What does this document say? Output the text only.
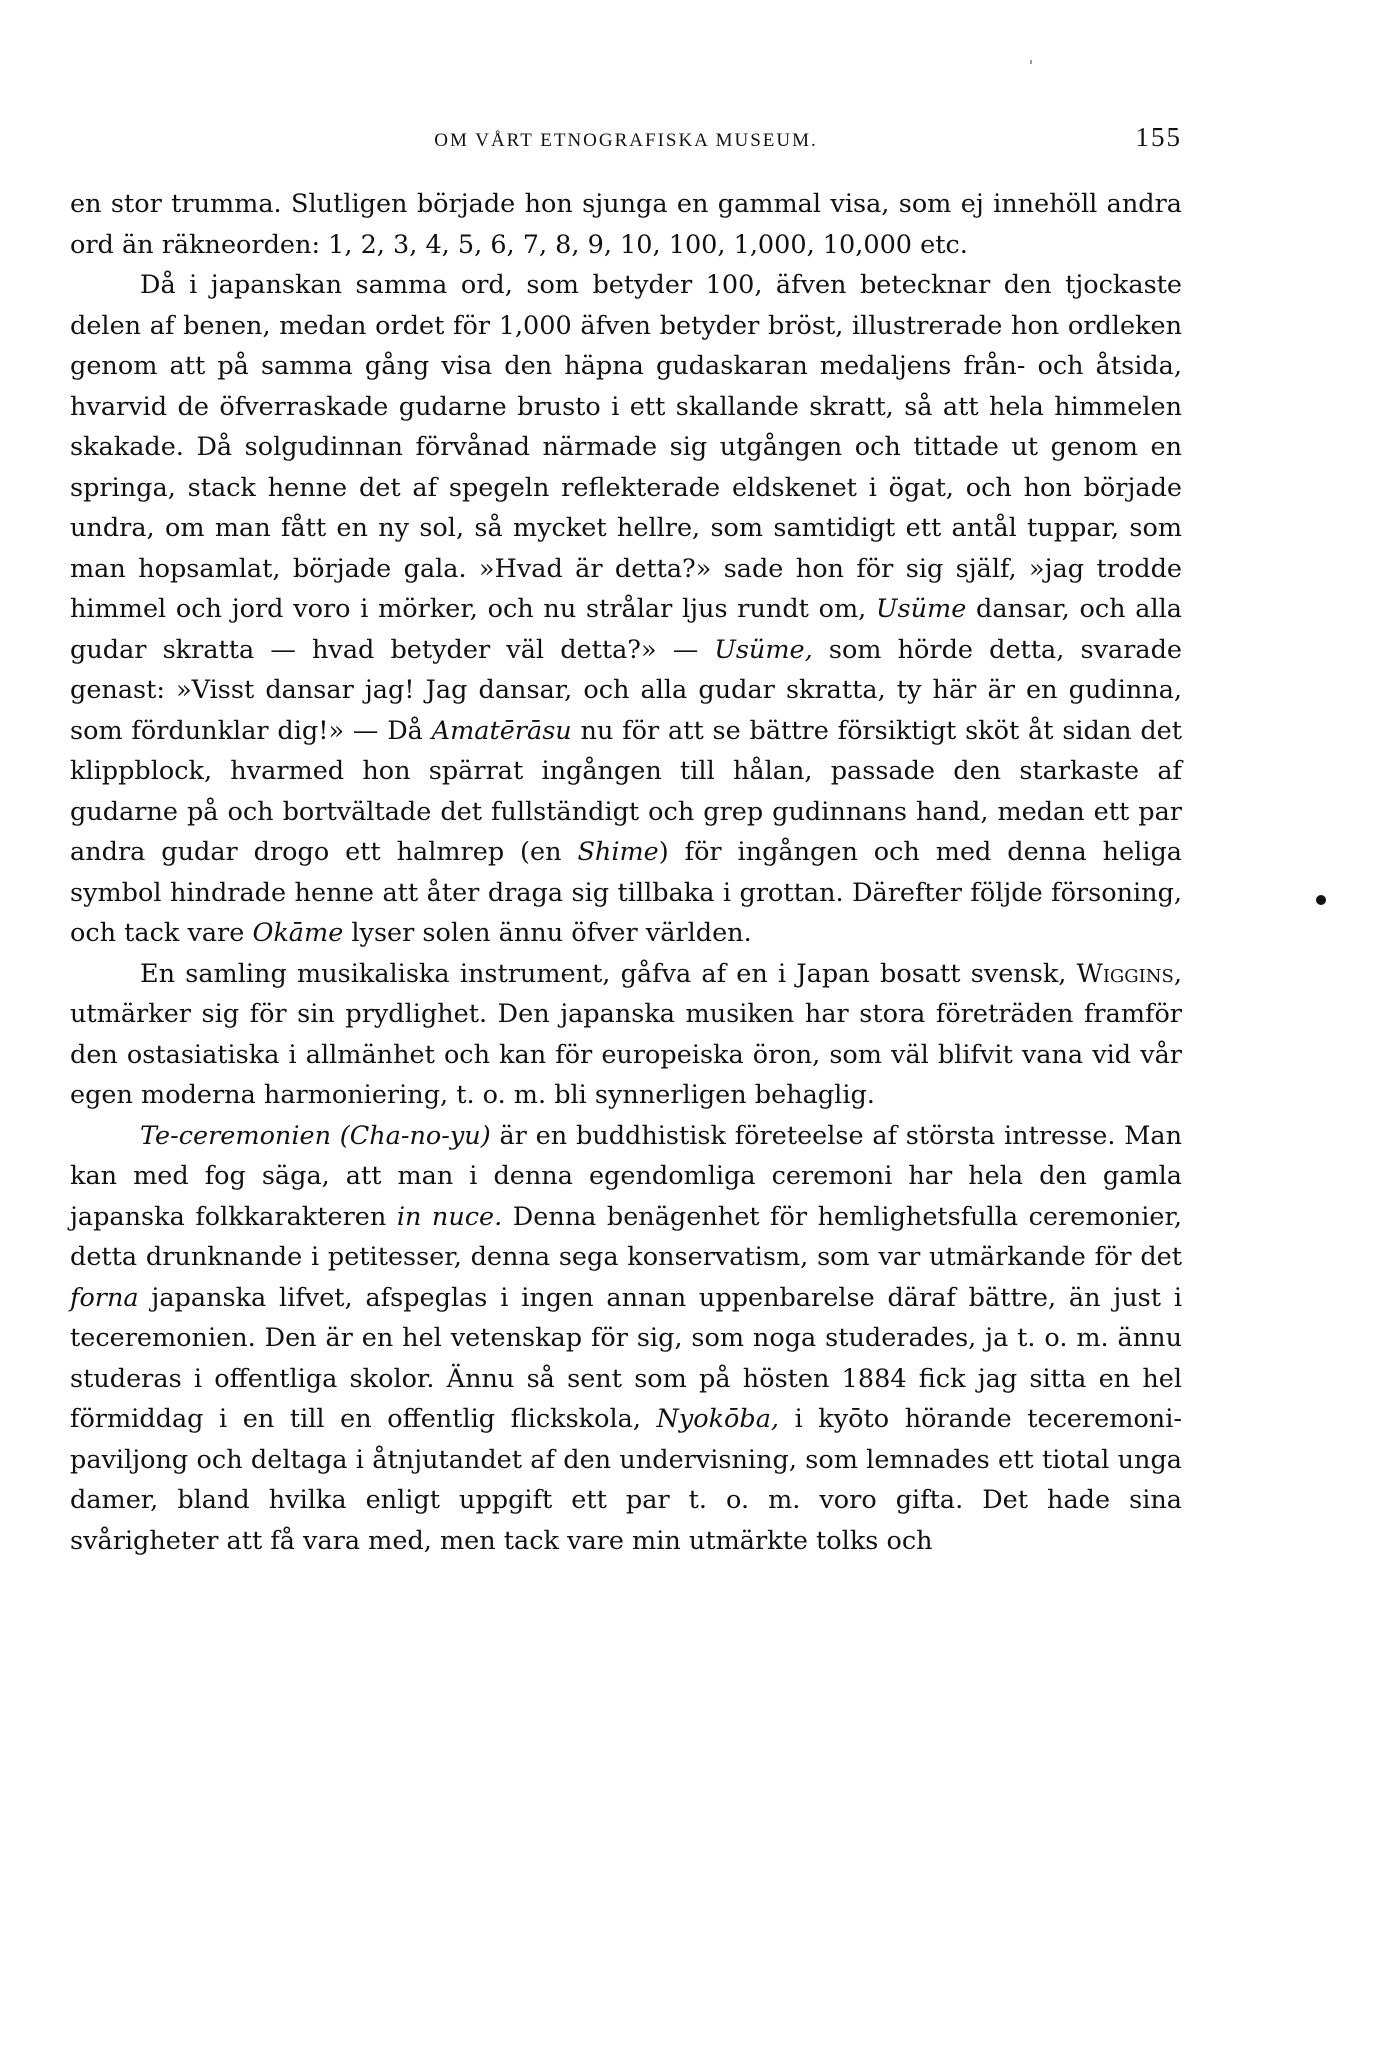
OM VÅRT ETNOGRAFISKA MUSEUM.	155

en stor trumma. Slutligen började hon sjunga en gammal visa, som ej innehöll andra ord än räkneorden: 1, 2, 3, 4, 5, 6, 7, 8, 9, 10, 100, 1,000, 10,000 etc.

Då i japanskan samma ord, som betyder 100, äfven betecknar den tjockaste delen af benen, medan ordet för 1,000 äfven betyder bröst, illustrerade hon ordleken genom att på samma gång visa den häpna gudaskaran medaljens från- och åtsida, hvarvid de öfverraskade gudarne brusto i ett skallande skratt, så att hela himmelen skakade. Då solgudinnan förvånad närmade sig utgången och tittade ut genom en springa, stack henne det af spegeln reflekterade eldskenet i ögat, och hon började undra, om man fått en ny sol, så mycket hellre, som samtidigt ett antål tuppar, som man hopsamlat, började gala. »Hvad är detta?» sade hon för sig själf, »jag trodde himmel och jord voro i mörker, och nu strålar ljus rundt om, Usüme dansar, och alla gudar skratta — hvad betyder väl detta?» — Usüme, som hörde detta, svarade genast: »Visst dansar jag! Jag dansar, och alla gudar skratta, ty här är en gudinna, som fördunklar dig!» — Då Amatērāsu nu för att se bättre försiktigt sköt åt sidan det klippblock, hvarmed hon spärrat ingången till hålan, passade den starkaste af gudarne på och bortvältade det fullständigt och grep gudinnans hand, medan ett par andra gudar drogo ett halmrep (en Shime) för ingången och med denna heliga symbol hindrade henne att åter draga sig tillbaka i grottan. Därefter följde försoning, och tack vare Okāme lyser solen ännu öfver världen.

En samling musikaliska instrument, gåfva af en i Japan bosatt svensk, Wiggins, utmärker sig för sin prydlighet. Den japanska musiken har stora företräden framför den ostasiatiska i allmänhet och kan för europeiska öron, som väl blifvit vana vid vår egen moderna harmoniering, t. o. m. bli synnerligen behaglig.

Te-ceremonien (Cha-no-yu) är en buddhistisk företeelse af största intresse. Man kan med fog säga, att man i denna egendomliga ceremoni har hela den gamla japanska folkkarakteren in nuce. Denna benägenhet för hemlighetsfulla ceremonier, detta drunknande i petitesser, denna sega konservatism, som var utmärkande för det forna japanska lifvet, afspeglas i ingen annan uppenbarelse däraf bättre, än just i teceremonien. Den är en hel vetenskap för sig, som noga studerades, ja t. o. m. ännu studeras i offentliga skolor. Ännu så sent som på hösten 1884 fick jag sitta en hel förmiddag i en till en offentlig flickskola, Nyokōba, i kyōto hörande teceremoni-paviljong och deltaga i åtnjutandet af den undervisning, som lemnades ett tiotal unga damer, bland hvilka enligt uppgift ett par t. o. m. voro gifta. Det hade sina svårigheter att få vara med, men tack vare min utmärkte tolks och
